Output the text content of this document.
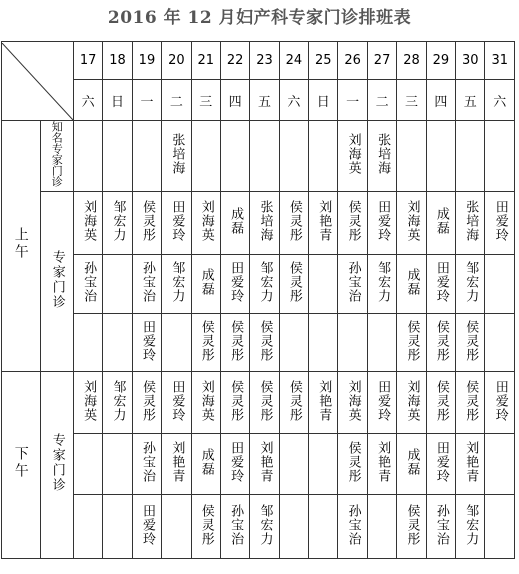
2016 年 12 月妇产科专家门诊排班表
	17	18	19	20	21	22	23	24	25	26	27	28	29	30	31
		六	日	一	二	三	四	五	六	日	一	二	三	四	五	六
上午	知名专家门诊				张培海						刘海英	张培海				
	专家门诊	刘海英	邹宏力	侯灵彤	田爱玲	刘海英	成磊	张培海	侯灵彤	刘艳青	侯灵彤	田爱玲	刘海英	成磊	张培海	田爱玲
		孙宝治		孙宝治	邹宏力	成磊	田爱玲	邹宏力	侯灵彤		孙宝治	邹宏力	成磊	田爱玲	邹宏力	
				田爱玲		侯灵彤	侯灵彤	侯灵彤					侯灵彤	侯灵彤	侯灵彤	
下午	专家门诊	刘海英	邹宏力	侯灵彤	田爱玲	刘海英	侯灵彤	侯灵彤	侯灵彤	刘艳青	刘海英	田爱玲	刘海英	侯灵彤	侯灵彤	田爱玲
				孙宝治	刘艳青	成磊	田爱玲	刘艳青			侯灵彤	刘艳青	成磊	田爱玲	刘艳青	
				田爱玲		侯灵彤	孙宝治	邹宏力			孙宝治		侯灵彤	孙宝治	邹宏力	
